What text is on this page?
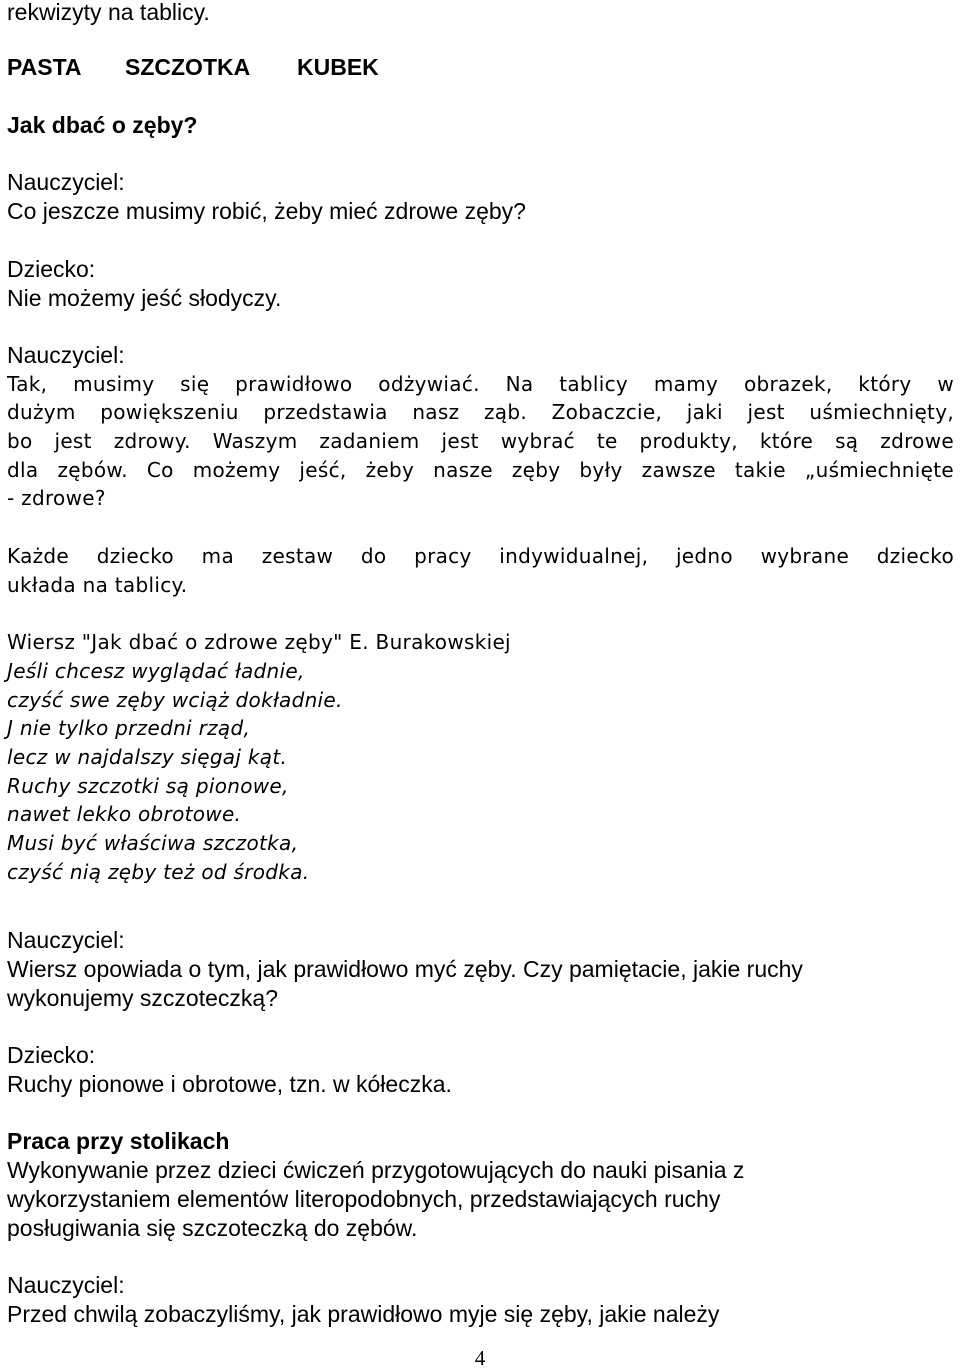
rekwizyty na tablicy.
PASTA SZCZOTKA KUBEK
Jak dbać o zęby?
Nauczyciel:
Co jeszcze musimy robić, żeby mieć zdrowe zęby?
Dziecko:
Nie możemy jeść słodyczy.
Nauczyciel:
Tak, musimy się prawidłowo odżywiać. Na tablicy mamy obrazek, który w
dużym powiększeniu przedstawia nasz ząb. Zobaczcie, jaki jest uśmiechnięty,
bo jest zdrowy. Waszym zadaniem jest wybrać te produkty, które są zdrowe
dla zębów. Co możemy jeść, żeby nasze zęby były zawsze takie „uśmiechnięte
- zdrowe?
Każde dziecko ma zestaw do pracy indywidualnej, jedno wybrane dziecko
układa na tablicy.
Wiersz "Jak dbać o zdrowe zęby" E. Burakowskiej
Jeśli chcesz wyglądać ładnie,
czyść swe zęby wciąż dokładnie.
J nie tylko przedni rząd,
lecz w najdalszy sięgaj kąt.
Ruchy szczotki są pionowe,
nawet lekko obrotowe.
Musi być właściwa szczotka,
czyść nią zęby też od środka.
Nauczyciel:
Wiersz opowiada o tym, jak prawidłowo myć zęby. Czy pamiętacie, jakie ruchy
wykonujemy szczoteczką?
Dziecko:
Ruchy pionowe i obrotowe, tzn. w kółeczka.
Praca przy stolikach
Wykonywanie przez dzieci ćwiczeń przygotowujących do nauki pisania z
wykorzystaniem elementów literopodobnych, przedstawiających ruchy
posługiwania się szczoteczką do zębów.
Nauczyciel:
Przed chwilą zobaczyliśmy, jak prawidłowo myje się zęby, jakie należy
4
